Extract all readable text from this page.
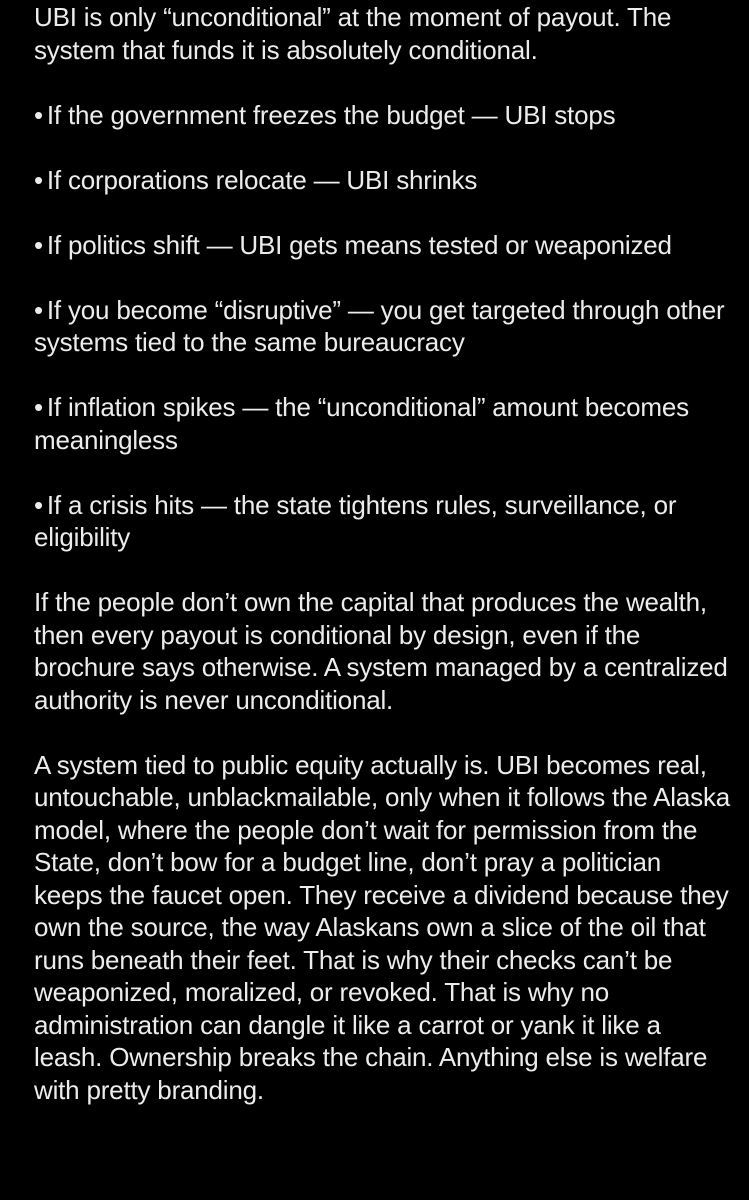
UBI is only “unconditional” at the moment of payout. The system that funds it is absolutely conditional.

• If the government freezes the budget — UBI stops
• If corporations relocate — UBI shrinks
• If politics shift — UBI gets means tested or weaponized
• If you become “disruptive” — you get targeted through other systems tied to the same bureaucracy
• If inflation spikes — the “unconditional” amount becomes meaningless
• If a crisis hits — the state tightens rules, surveillance, or eligibility

If the people don’t own the capital that produces the wealth, then every payout is conditional by design, even if the brochure says otherwise. A system managed by a centralized authority is never unconditional.

A system tied to public equity actually is. UBI becomes real, untouchable, unblackmailable, only when it follows the Alaska model, where the people don’t wait for permission from the State, don’t bow for a budget line, don’t pray a politician keeps the faucet open. They receive a dividend because they own the source, the way Alaskans own a slice of the oil that runs beneath their feet. That is why their checks can’t be weaponized, moralized, or revoked. That is why no administration can dangle it like a carrot or yank it like a leash. Ownership breaks the chain. Anything else is welfare with pretty branding.
